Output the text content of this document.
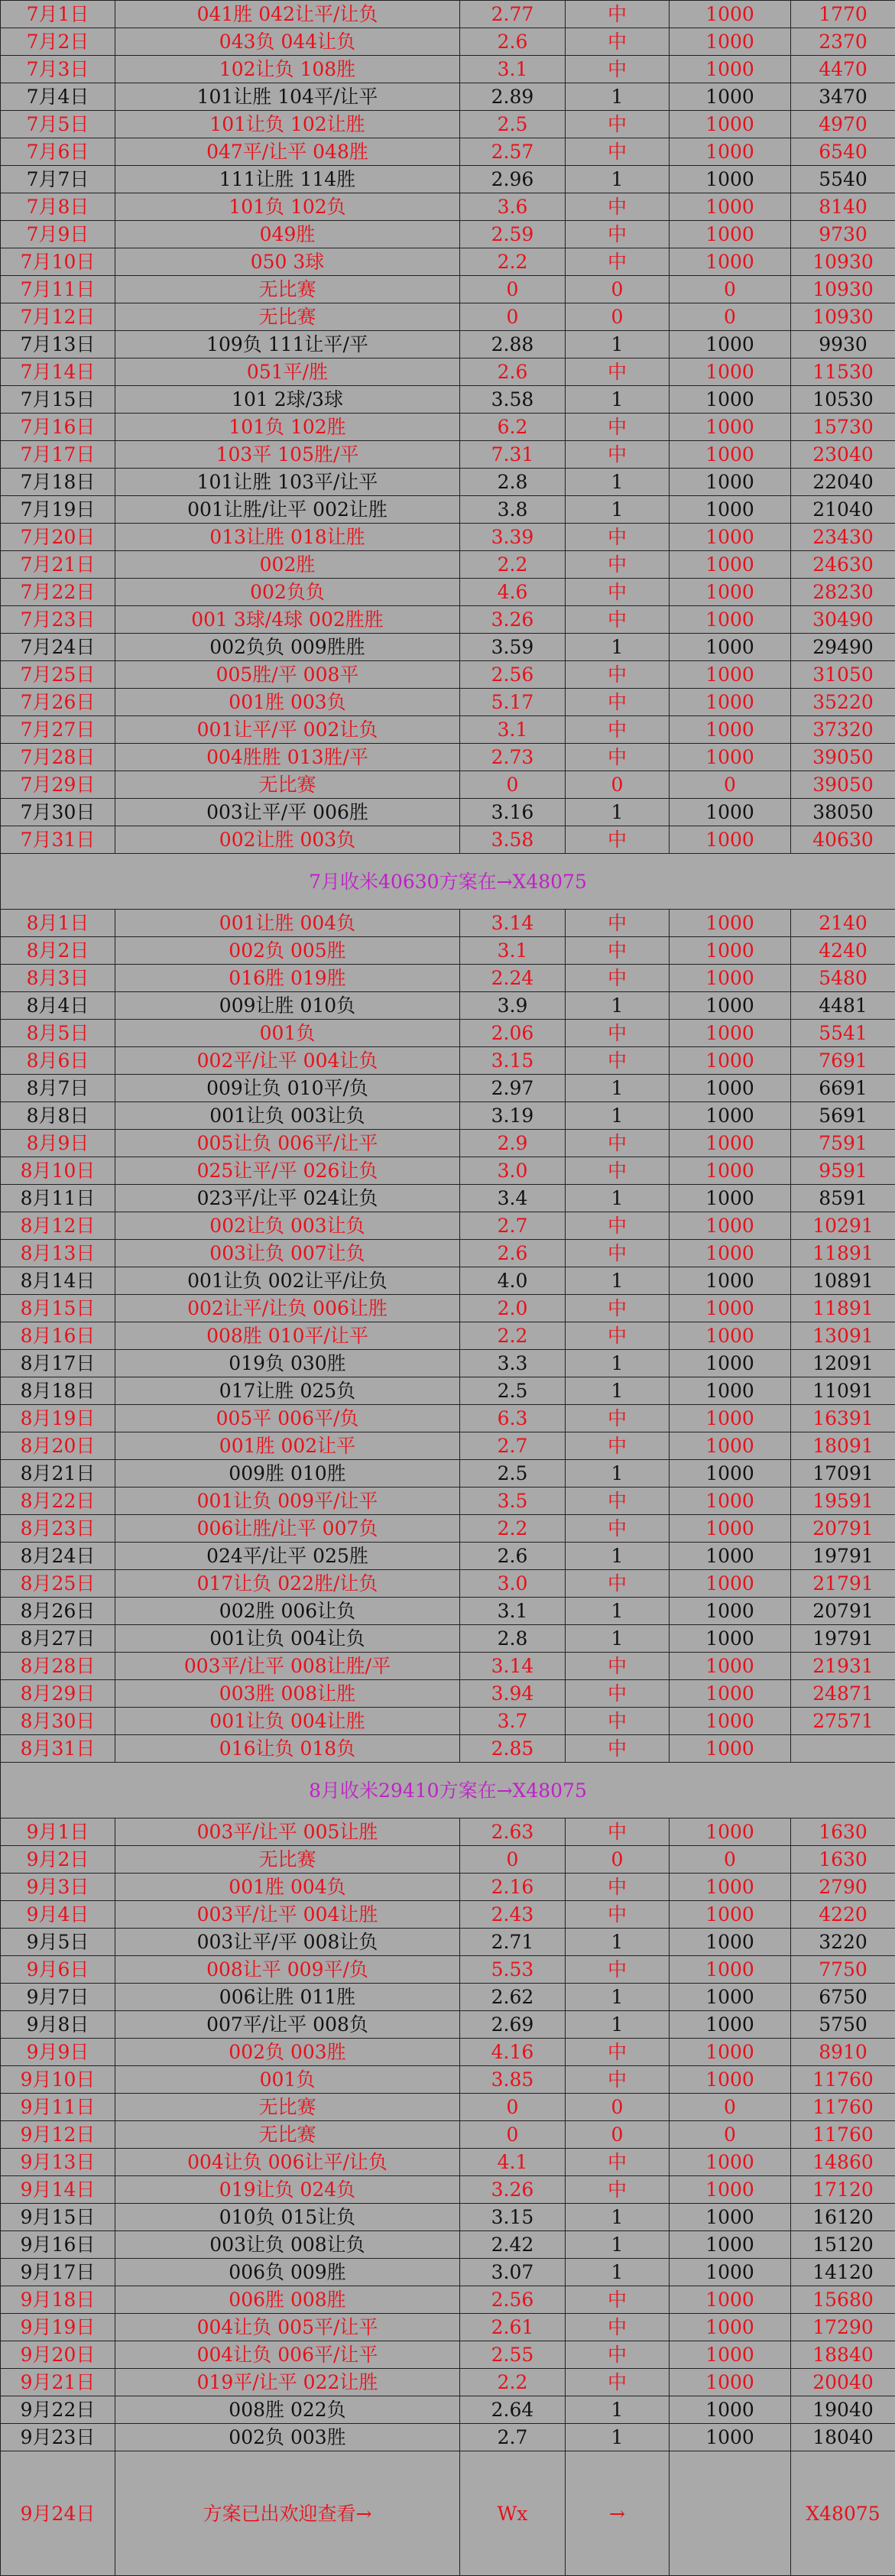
7月1日	041胜 042让平/让负	2.77	中	1000	1770
7月2日	043负 044让负	2.6	中	1000	2370
7月3日	102让负 108胜	3.1	中	1000	4470
7月4日	101让胜 104平/让平	2.89	1	1000	3470
7月5日	101让负 102让胜	2.5	中	1000	4970
7月6日	047平/让平 048胜	2.57	中	1000	6540
7月7日	111让胜 114胜	2.96	1	1000	5540
7月8日	101负 102负	3.6	中	1000	8140
7月9日	049胜	2.59	中	1000	9730
7月10日	050 3球	2.2	中	1000	10930
7月11日	无比赛	0	0	0	10930
7月12日	无比赛	0	0	0	10930
7月13日	109负 111让平/平	2.88	1	1000	9930
7月14日	051平/胜	2.6	中	1000	11530
7月15日	101 2球/3球	3.58	1	1000	10530
7月16日	101负 102胜	6.2	中	1000	15730
7月17日	103平 105胜/平	7.31	中	1000	23040
7月18日	101让胜 103平/让平	2.8	1	1000	22040
7月19日	001让胜/让平 002让胜	3.8	1	1000	21040
7月20日	013让胜 018让胜	3.39	中	1000	23430
7月21日	002胜	2.2	中	1000	24630
7月22日	002负负	4.6	中	1000	28230
7月23日	001 3球/4球 002胜胜	3.26	中	1000	30490
7月24日	002负负 009胜胜	3.59	1	1000	29490
7月25日	005胜/平 008平	2.56	中	1000	31050
7月26日	001胜 003负	5.17	中	1000	35220
7月27日	001让平/平 002让负	3.1	中	1000	37320
7月28日	004胜胜 013胜/平	2.73	中	1000	39050
7月29日	无比赛	0	0	0	39050
7月30日	003让平/平 006胜	3.16	1	1000	38050
7月31日	002让胜 003负	3.58	中	1000	40630
7月收米40630方案在→X48075					
8月1日	001让胜 004负	3.14	中	1000	2140
8月2日	002负 005胜	3.1	中	1000	4240
8月3日	016胜 019胜	2.24	中	1000	5480
8月4日	009让胜 010负	3.9	1	1000	4481
8月5日	001负	2.06	中	1000	5541
8月6日	002平/让平 004让负	3.15	中	1000	7691
8月7日	009让负 010平/负	2.97	1	1000	6691
8月8日	001让负 003让负	3.19	1	1000	5691
8月9日	005让负 006平/让平	2.9	中	1000	7591
8月10日	025让平/平 026让负	3.0	中	1000	9591
8月11日	023平/让平 024让负	3.4	1	1000	8591
8月12日	002让负 003让负	2.7	中	1000	10291
8月13日	003让负 007让负	2.6	中	1000	11891
8月14日	001让负 002让平/让负	4.0	1	1000	10891
8月15日	002让平/让负 006让胜	2.0	中	1000	11891
8月16日	008胜 010平/让平	2.2	中	1000	13091
8月17日	019负 030胜	3.3	1	1000	12091
8月18日	017让胜 025负	2.5	1	1000	11091
8月19日	005平 006平/负	6.3	中	1000	16391
8月20日	001胜 002让平	2.7	中	1000	18091
8月21日	009胜 010胜	2.5	1	1000	17091
8月22日	001让负 009平/让平	3.5	中	1000	19591
8月23日	006让胜/让平 007负	2.2	中	1000	20791
8月24日	024平/让平 025胜	2.6	1	1000	19791
8月25日	017让负 022胜/让负	3.0	中	1000	21791
8月26日	002胜 006让负	3.1	1	1000	20791
8月27日	001让负 004让负	2.8	1	1000	19791
8月28日	003平/让平 008让胜/平	3.14	中	1000	21931
8月29日	003胜 008让胜	3.94	中	1000	24871
8月30日	001让负 004让胜	3.7	中	1000	27571
8月31日	016让负 018负	2.85	中	1000	
8月收米29410方案在→X48075					
9月1日	003平/让平 005让胜	2.63	中	1000	1630
9月2日	无比赛	0	0	0	1630
9月3日	001胜 004负	2.16	中	1000	2790
9月4日	003平/让平 004让胜	2.43	中	1000	4220
9月5日	003让平/平 008让负	2.71	1	1000	3220
9月6日	008让平 009平/负	5.53	中	1000	7750
9月7日	006让胜 011胜	2.62	1	1000	6750
9月8日	007平/让平 008负	2.69	1	1000	5750
9月9日	002负 003胜	4.16	中	1000	8910
9月10日	001负	3.85	中	1000	11760
9月11日	无比赛	0	0	0	11760
9月12日	无比赛	0	0	0	11760
9月13日	004让负 006让平/让负	4.1	中	1000	14860
9月14日	019让负 024负	3.26	中	1000	17120
9月15日	010负 015让负	3.15	1	1000	16120
9月16日	003让负 008让负	2.42	1	1000	15120
9月17日	006负 009胜	3.07	1	1000	14120
9月18日	006胜 008胜	2.56	中	1000	15680
9月19日	004让负 005平/让平	2.61	中	1000	17290
9月20日	004让负 006平/让平	2.55	中	1000	18840
9月21日	019平/让平 022让胜	2.2	中	1000	20040
9月22日	008胜 022负	2.64	1	1000	19040
9月23日	002负 003胜	2.7	1	1000	18040
9月24日	方案已出欢迎查看→	Wx	→		X48075
